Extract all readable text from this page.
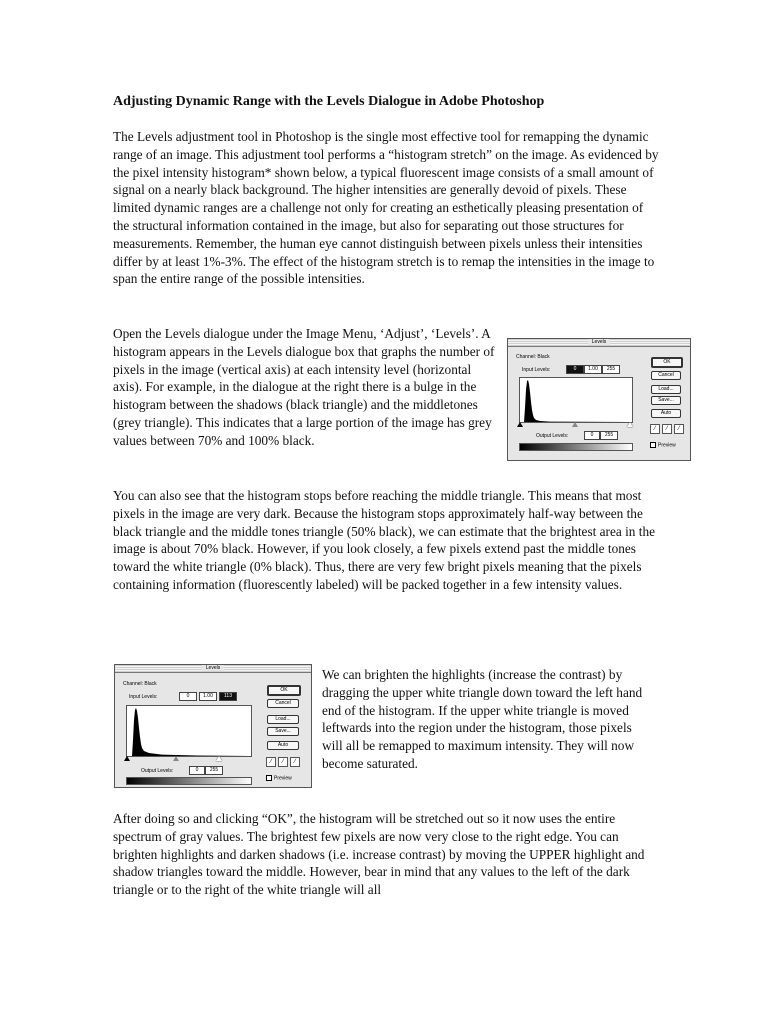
Adjusting Dynamic Range with the Levels Dialogue in Adobe Photoshop

The Levels adjustment tool in Photoshop is the single most effective tool for remapping the dynamic range of an image. This adjustment tool performs a “histogram stretch” on the image. As evidenced by the pixel intensity histogram* shown below, a typical fluorescent image consists of a small amount of signal on a nearly black background. The higher intensities are generally devoid of pixels. These limited dynamic ranges are a challenge not only for creating an esthetically pleasing presentation of the structural information contained in the image, but also for separating out those structures for measurements. Remember, the human eye cannot distinguish between pixels unless their intensities differ by at least 1%-3%. The effect of the histogram stretch is to remap the intensities in the image to span the entire range of the possible intensities.

Open the Levels dialogue under the Image Menu, ‘Adjust’, ‘Levels’. A histogram appears in the Levels dialogue box that graphs the number of pixels in the image (vertical axis) at each intensity level (horizontal axis). For example, in the dialogue at the right there is a bulge in the histogram between the shadows (black triangle) and the middletones (grey triangle). This indicates that a large portion of the image has grey values between 70% and 100% black.

You can also see that the histogram stops before reaching the middle triangle. This means that most pixels in the image are very dark. Because the histogram stops approximately half-way between the black triangle and the middle tones triangle (50% black), we can estimate that the brightest area in the image is about 70% black. However, if you look closely, a few pixels extend past the middle tones toward the white triangle (0% black). Thus, there are very few bright pixels meaning that the pixels containing information (fluorescently labeled) will be packed together in a few intensity values.

We can brighten the highlights (increase the contrast) by dragging the upper white triangle down toward the left hand end of the histogram. If the upper white triangle is moved leftwards into the region under the histogram, those pixels will all be remapped to maximum intensity. They will now become saturated.

After doing so and clicking “OK”, the histogram will be stretched out so it now uses the entire spectrum of gray values. The brightest few pixels are now very close to the right edge. You can brighten highlights and darken shadows (i.e. increase contrast) by moving the UPPER highlight and shadow triangles toward the middle. However, bear in mind that any values to the left of the dark triangle or to the right of the white triangle will all

Levels
Channel: Black
Input Levels:	0	1.00	255
Output Levels:	0	255
OK
Cancel
Load...
Save...
Auto
⁄	⁄	⁄
Preview
Levels
Channel: Black
Input Levels:	0	1.00	113
Output Levels:	0	255
OK
Cancel
Load...
Save...
Auto
⁄	⁄	⁄
Preview
